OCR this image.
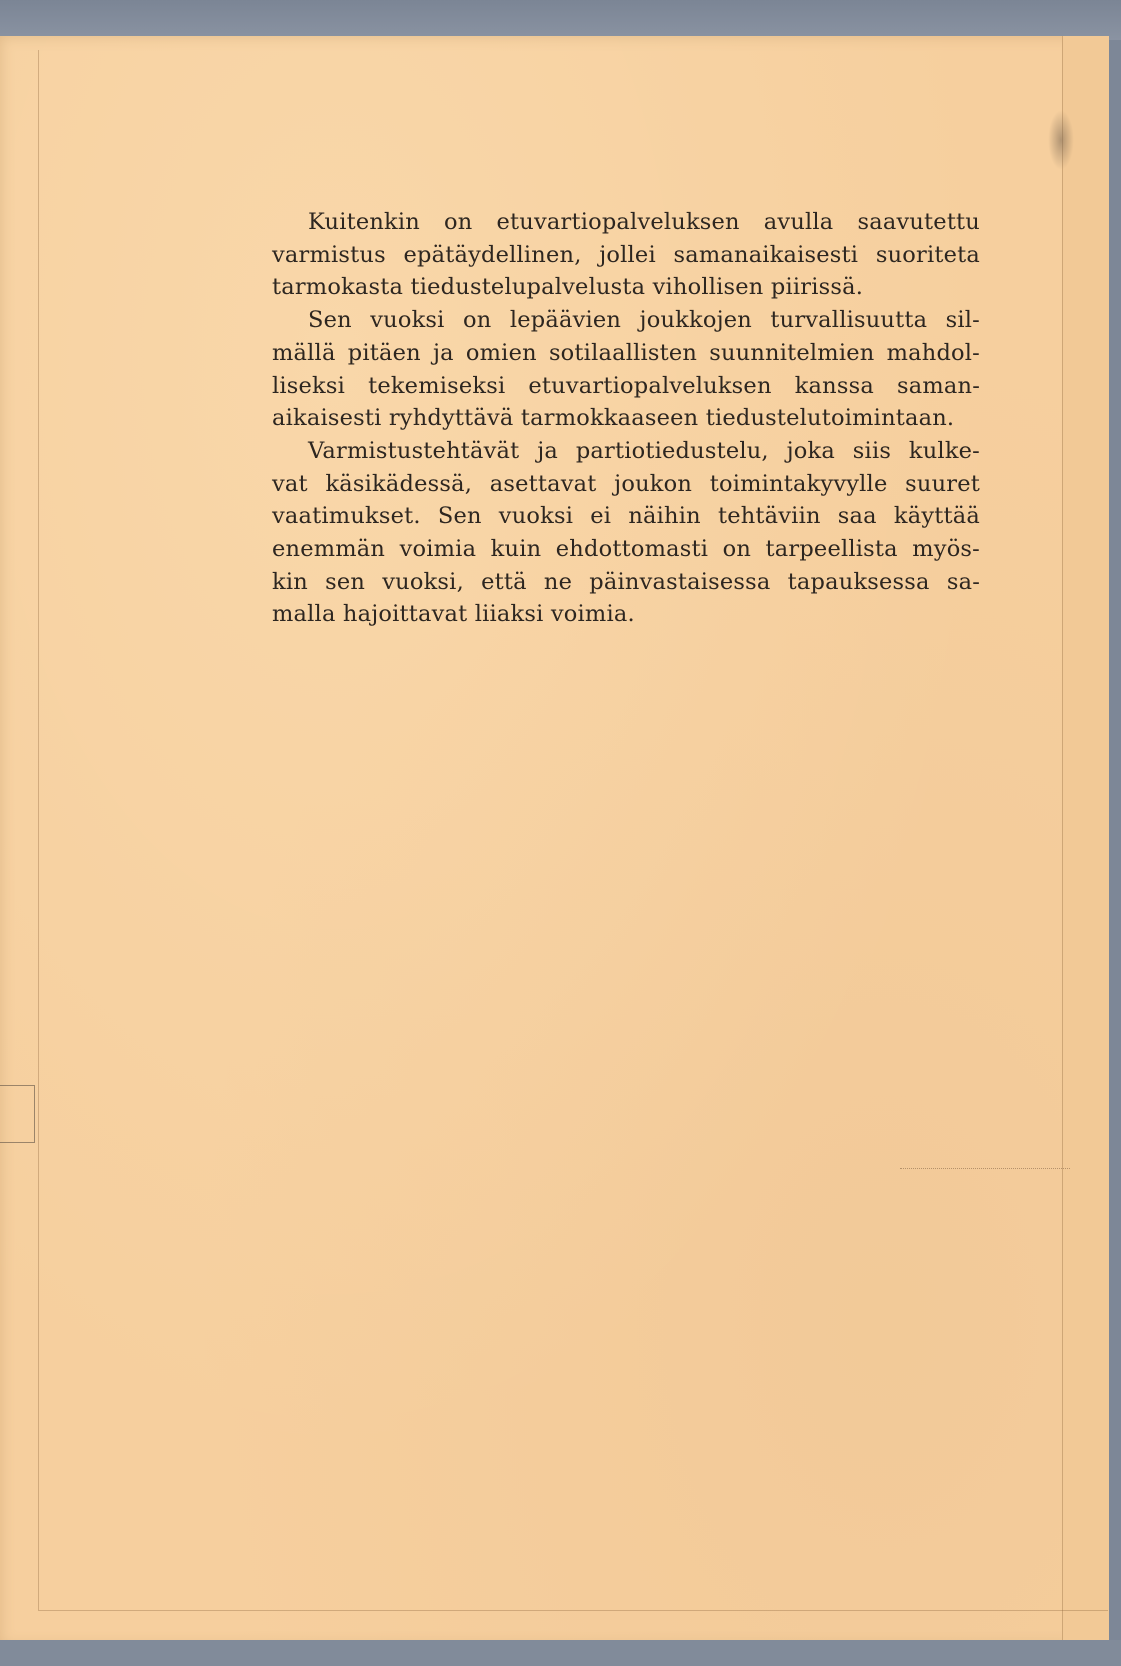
Kuitenkin on etuvartiopalveluksen avulla saavutettu
varmistus epätäydellinen, jollei samanaikaisesti suoriteta
tarmokasta tiedustelupalvelusta vihollisen piirissä.
Sen vuoksi on lepäävien joukkojen turvallisuutta sil-
mällä pitäen ja omien sotilaallisten suunnitelmien mahdol-
liseksi tekemiseksi etuvartiopalveluksen kanssa saman-
aikaisesti ryhdyttävä tarmokkaaseen tiedustelutoimintaan.
Varmistustehtävät ja partiotiedustelu, joka siis kulke-
vat käsikädessä, asettavat joukon toimintakyvylle suuret
vaatimukset. Sen vuoksi ei näihin tehtäviin saa käyttää
enemmän voimia kuin ehdottomasti on tarpeellista myös-
kin sen vuoksi, että ne päinvastaisessa tapauksessa sa-
malla hajoittavat liiaksi voimia.
